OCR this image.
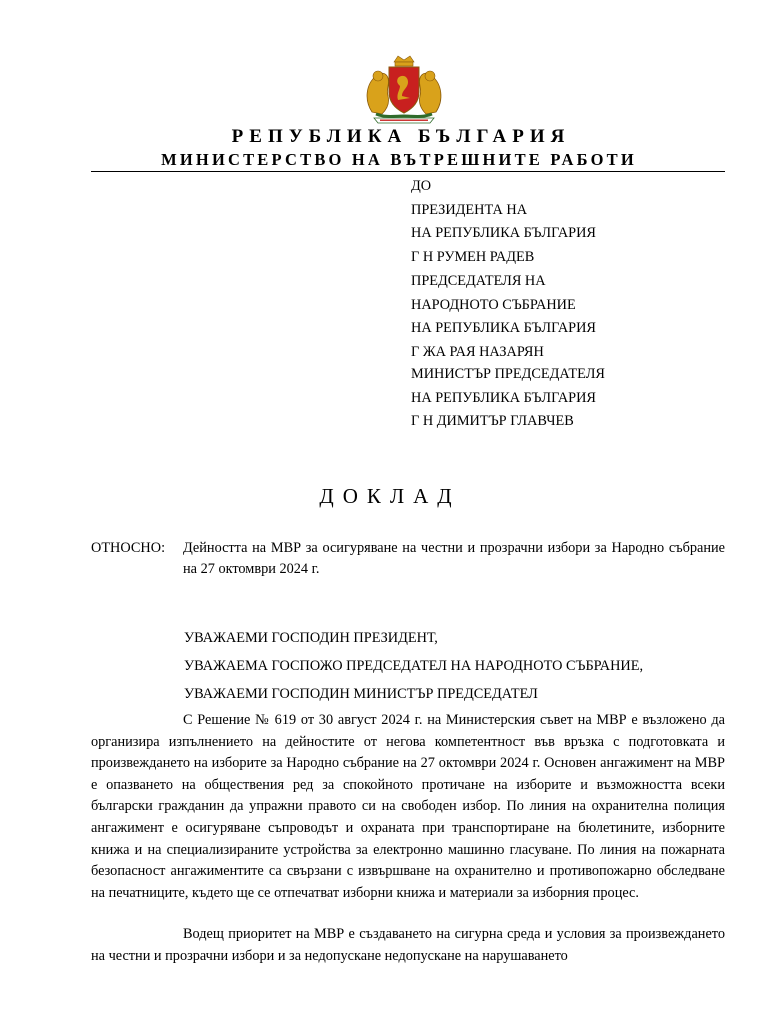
РЕПУБЛИКА БЪЛГАРИЯ
МИНИСТЕРСТВО НА ВЪТРЕШНИТЕ РАБОТИ
ДО
ПРЕЗИДЕНТА НА
НА РЕПУБЛИКА БЪЛГАРИЯ
Г Н РУМЕН РАДЕВ
ПРЕДСЕДАТЕЛЯ НА
НАРОДНОТО СЪБРАНИЕ
НА РЕПУБЛИКА БЪЛГАРИЯ
Г ЖА РАЯ НАЗАРЯН
МИНИСТЪР ПРЕДСЕДАТЕЛЯ
НА РЕПУБЛИКА БЪЛГАРИЯ
Г Н ДИМИТЪР ГЛАВЧЕВ
ДОКЛАД
ОТНОСНО: Дейността на МВР за осигуряване на честни и прозрачни избори за Народно събрание на 27 октомври 2024 г.
УВАЖАЕМИ ГОСПОДИН ПРЕЗИДЕНТ,
УВАЖАЕМА ГОСПОЖО ПРЕДСЕДАТЕЛ НА НАРОДНОТО СЪБРАНИЕ,
УВАЖАЕМИ ГОСПОДИН МИНИСТЪР ПРЕДСЕДАТЕЛ
С Решение № 619 от 30 август 2024 г. на Министерския съвет на МВР е възложено да организира изпълнението на дейностите от негова компетентност във връзка с подготовката и произвеждането на изборите за Народно събрание на 27 октомври 2024 г. Основен ангажимент на МВР е опазването на обществения ред за спокойното протичане на изборите и възможността всеки български гражданин да упражни правото си на свободен избор. По линия на охранителна полиция ангажимент е осигуряване съпроводът и охраната при транспортиране на бюлетините, изборните книжа и на специализираните устройства за електронно машинно гласуване. По линия на пожарната безопасност ангажиментите са свързани с извършване на охранително и противопожарно обследване на печатниците, където ще се отпечатват изборни книжа и материали за изборния процес.
Водещ приоритет на МВР е създаването на сигурна среда и условия за произвеждането на честни и прозрачни избори и за недопускане недопускане на нарушаването
